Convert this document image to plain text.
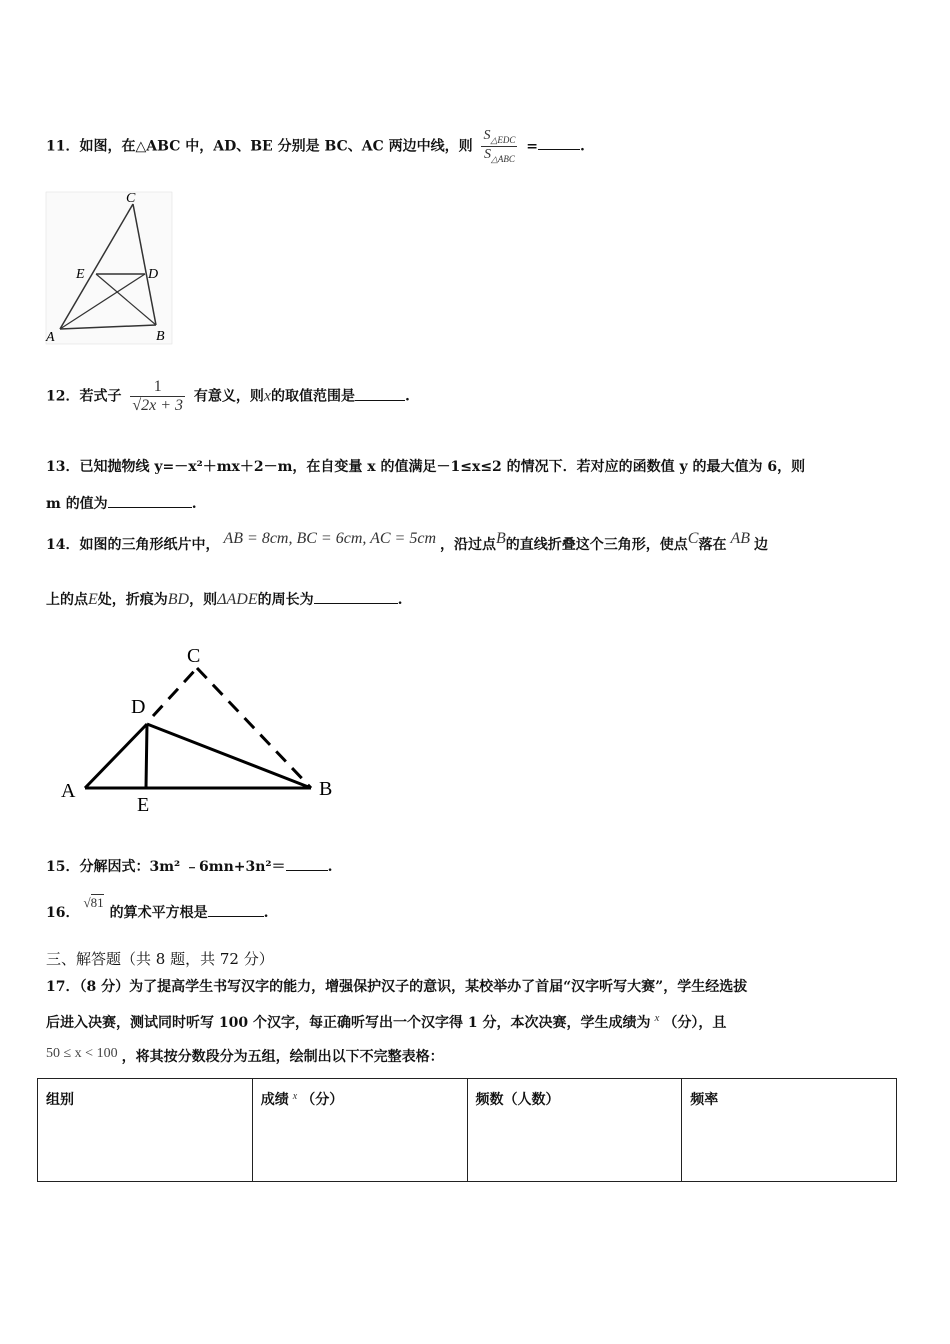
11．如图，在△ABC 中，AD、BE 分别是 BC、AC 两边中线，则 $\frac{S_{\triangle EDC}}{S_{\triangle ABC}}$ =	.
C
E	D
A	B
12．若式子 $\frac{1}{√2x + 3}$ 有意义，则x的取值范围是	.
13．已知抛物线 y=－x²＋mx＋2－m，在自变量 x 的值满足－1≤x≤2 的情况下．若对应的函数值 y 的最大值为 6，则
m 的值为	.
14．如图的三角形纸片中， AB = 8cm, BC = 6cm, AC = 5cm ，沿过点B的直线折叠这个三角形，使点C落在 AB 边
上的点E处，折痕为BD，则ΔADE的周长为	.
C
D
A
E
B
15．分解因式：3m² ﹣6mn+3n²＝	.
16．√81的算术平方根是	.
三、解答题（共 8 题，共 72 分）
17．（8 分）为了提高学生书写汉字的能力，增强保护汉子的意识，某校举办了首届“汉字听写大赛”，学生经选拔
后进入决赛，测试同时听写 100 个汉字，每正确听写出一个汉字得 1 分，本次决赛，学生成绩为 $^x$ （分），且
50 ≤ x < 100 ，将其按分数段分为五组，绘制出以下不完整表格：
组别	成绩 $^x$ （分）	频数（人数）	频率
